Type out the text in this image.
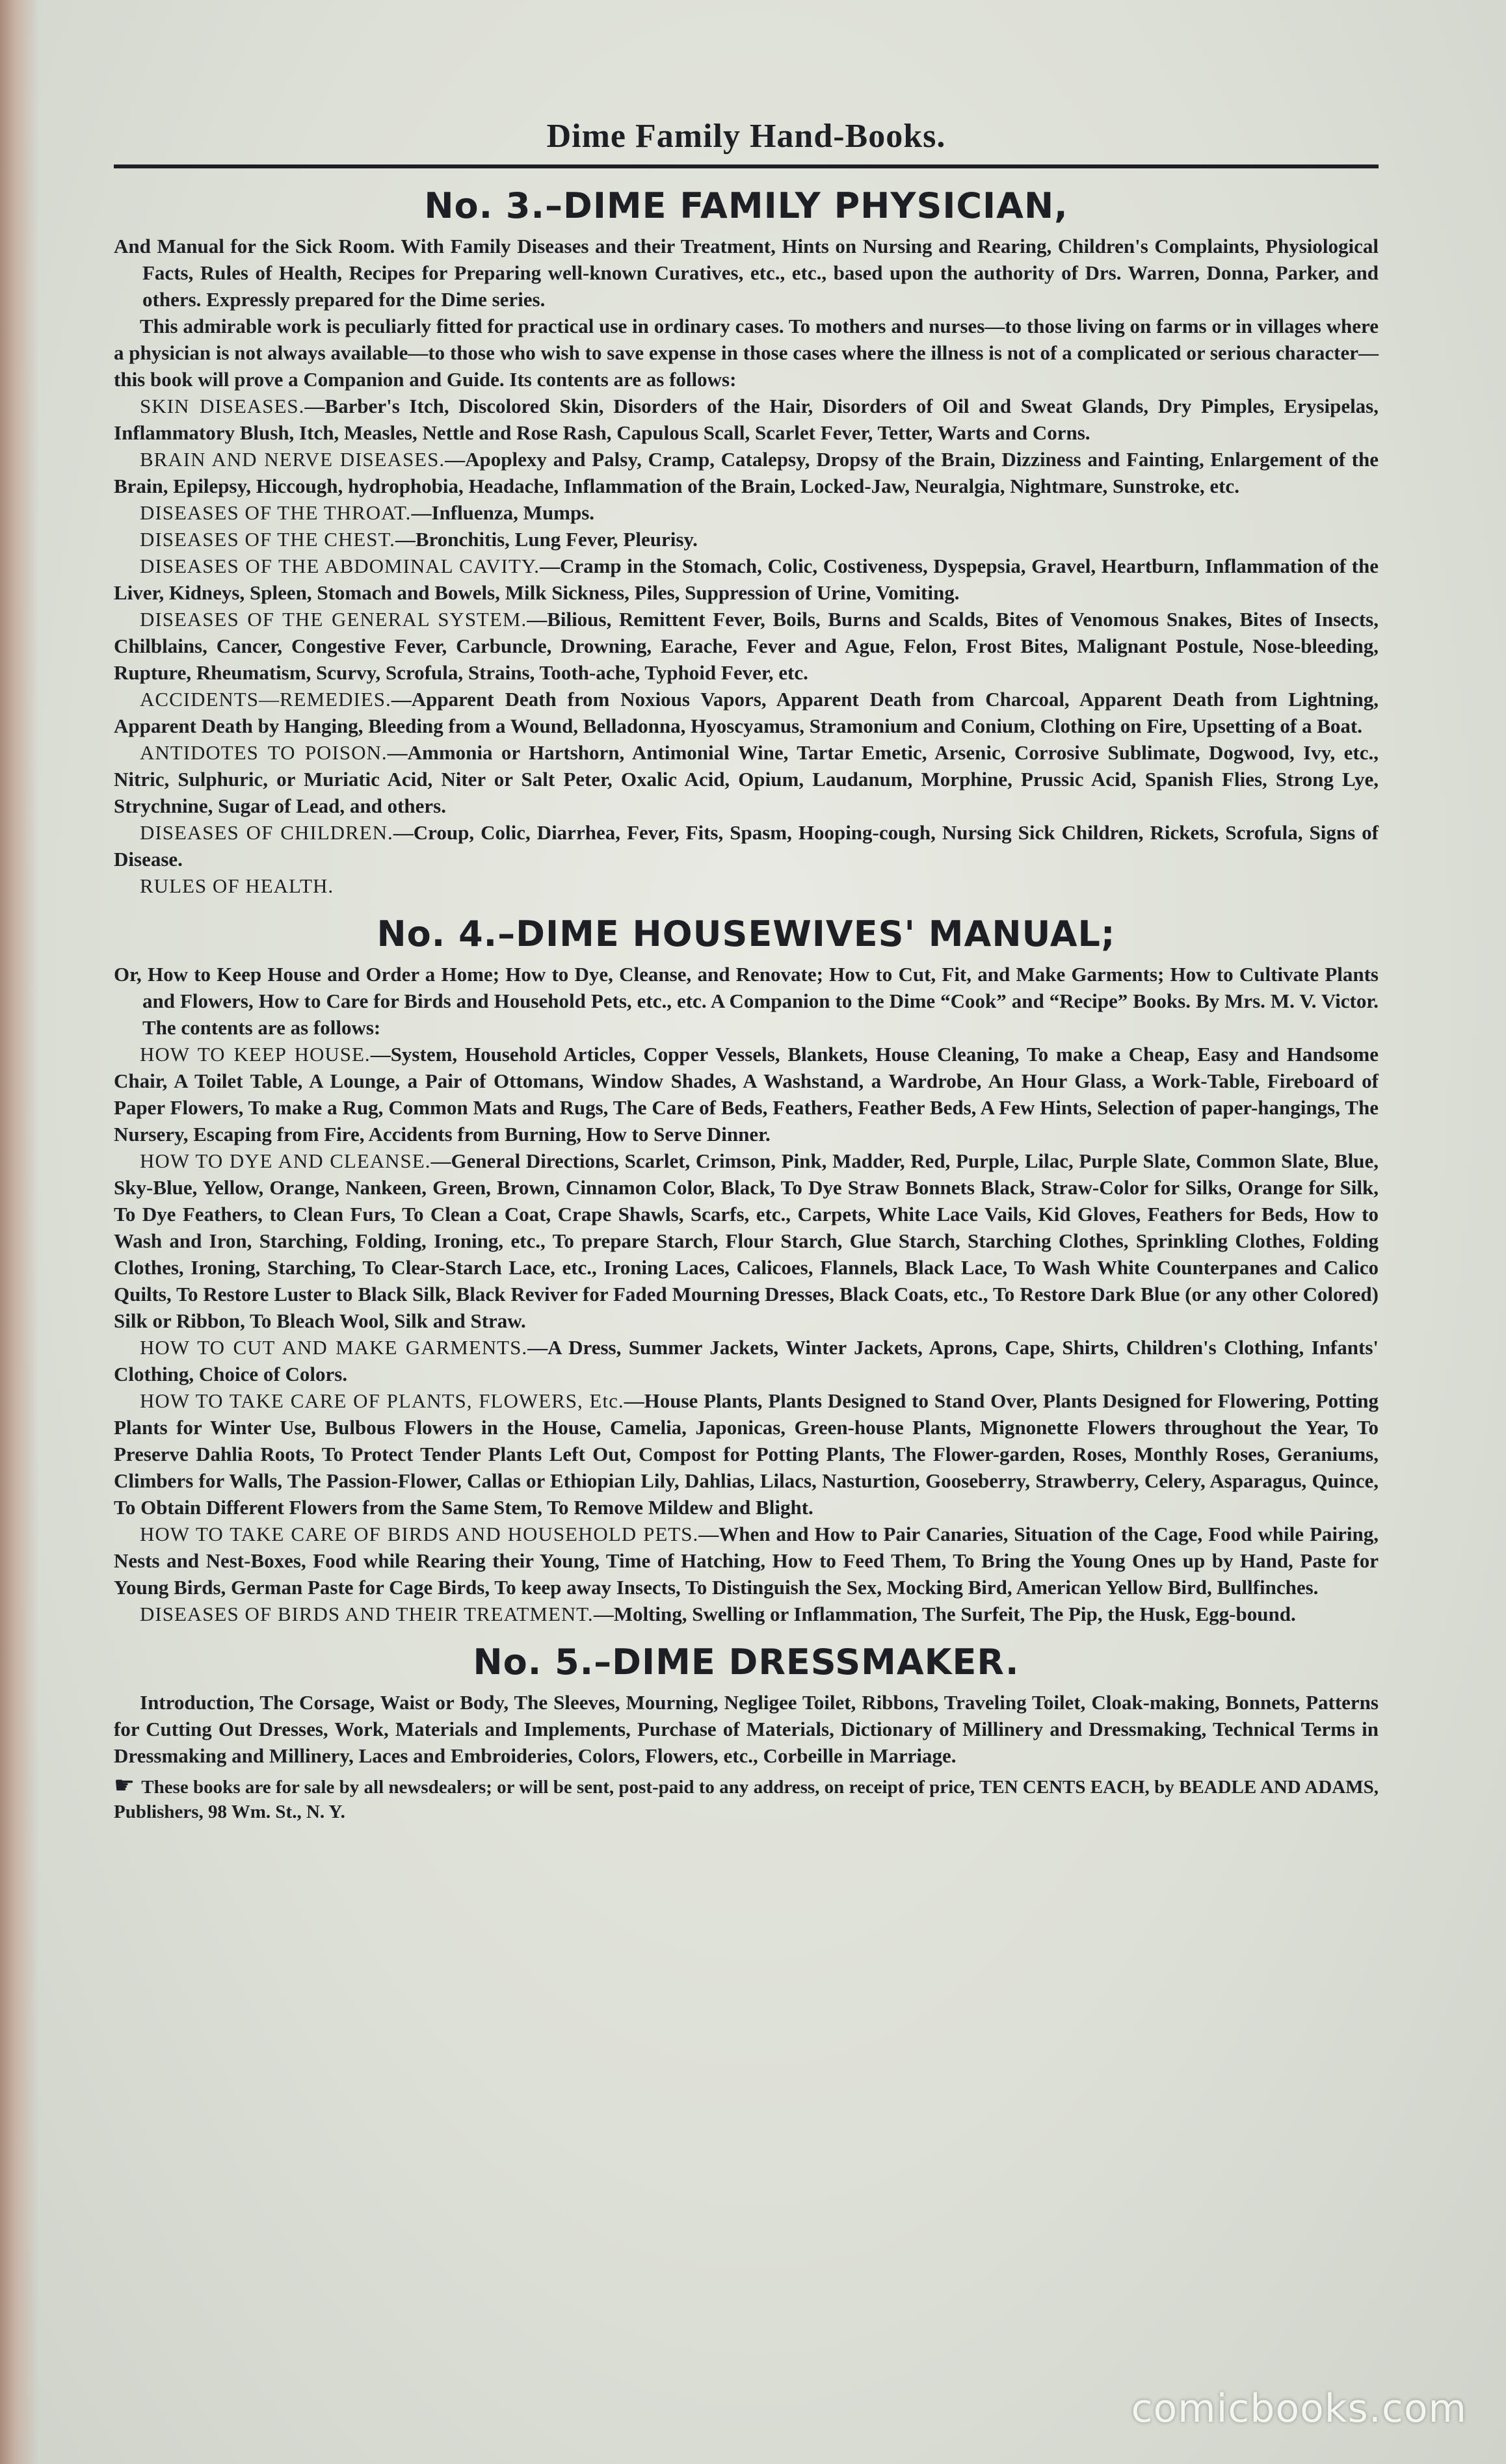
Dime Family Hand-Books.
No. 3.–DIME FAMILY PHYSICIAN,

And Manual for the Sick Room. With Family Diseases and their Treatment, Hints on Nursing and Rearing, Children's Complaints, Physiological Facts, Rules of Health, Recipes for Preparing well-known Curatives, etc., etc., based upon the authority of Drs. Warren, Donna, Parker, and others. Expressly prepared for the Dime series.

This admirable work is peculiarly fitted for practical use in ordinary cases. To mothers and nurses—to those living on farms or in villages where a physician is not always available—to those who wish to save expense in those cases where the illness is not of a complicated or serious character—this book will prove a Companion and Guide. Its contents are as follows:

SKIN DISEASES.—Barber's Itch, Discolored Skin, Disorders of the Hair, Disorders of Oil and Sweat Glands, Dry Pimples, Erysipelas, Inflammatory Blush, Itch, Measles, Nettle and Rose Rash, Capulous Scall, Scarlet Fever, Tetter, Warts and Corns.

BRAIN AND NERVE DISEASES.—Apoplexy and Palsy, Cramp, Catalepsy, Dropsy of the Brain, Dizziness and Fainting, Enlargement of the Brain, Epilepsy, Hiccough, hydrophobia, Headache, Inflammation of the Brain, Locked-Jaw, Neuralgia, Nightmare, Sunstroke, etc.

DISEASES OF THE THROAT.—Influenza, Mumps.

DISEASES OF THE CHEST.—Bronchitis, Lung Fever, Pleurisy.

DISEASES OF THE ABDOMINAL CAVITY.—Cramp in the Stomach, Colic, Costiveness, Dyspepsia, Gravel, Heartburn, Inflammation of the Liver, Kidneys, Spleen, Stomach and Bowels, Milk Sickness, Piles, Suppression of Urine, Vomiting.

DISEASES OF THE GENERAL SYSTEM.—Bilious, Remittent Fever, Boils, Burns and Scalds, Bites of Venomous Snakes, Bites of Insects, Chilblains, Cancer, Congestive Fever, Carbuncle, Drowning, Earache, Fever and Ague, Felon, Frost Bites, Malignant Postule, Nose-bleeding, Rupture, Rheumatism, Scurvy, Scrofula, Strains, Tooth-ache, Typhoid Fever, etc.

ACCIDENTS—REMEDIES.—Apparent Death from Noxious Vapors, Apparent Death from Charcoal, Apparent Death from Lightning, Apparent Death by Hanging, Bleeding from a Wound, Belladonna, Hyoscyamus, Stramonium and Conium, Clothing on Fire, Upsetting of a Boat.

ANTIDOTES TO POISON.—Ammonia or Hartshorn, Antimonial Wine, Tartar Emetic, Arsenic, Corrosive Sublimate, Dogwood, Ivy, etc., Nitric, Sulphuric, or Muriatic Acid, Niter or Salt Peter, Oxalic Acid, Opium, Laudanum, Morphine, Prussic Acid, Spanish Flies, Strong Lye, Strychnine, Sugar of Lead, and others.

DISEASES OF CHILDREN.—Croup, Colic, Diarrhea, Fever, Fits, Spasm, Hooping-cough, Nursing Sick Children, Rickets, Scrofula, Signs of Disease.

RULES OF HEALTH.

No. 4.–DIME HOUSEWIVES' MANUAL;

Or, How to Keep House and Order a Home; How to Dye, Cleanse, and Renovate; How to Cut, Fit, and Make Garments; How to Cultivate Plants and Flowers, How to Care for Birds and Household Pets, etc., etc. A Companion to the Dime “Cook” and “Recipe” Books. By Mrs. M. V. Victor. The contents are as follows:

HOW TO KEEP HOUSE.—System, Household Articles, Copper Vessels, Blankets, House Cleaning, To make a Cheap, Easy and Handsome Chair, A Toilet Table, A Lounge, a Pair of Ottomans, Window Shades, A Washstand, a Wardrobe, An Hour Glass, a Work-Table, Fireboard of Paper Flowers, To make a Rug, Common Mats and Rugs, The Care of Beds, Feathers, Feather Beds, A Few Hints, Selection of paper-hangings, The Nursery, Escaping from Fire, Accidents from Burning, How to Serve Dinner.

HOW TO DYE AND CLEANSE.—General Directions, Scarlet, Crimson, Pink, Madder, Red, Purple, Lilac, Purple Slate, Common Slate, Blue, Sky-Blue, Yellow, Orange, Nankeen, Green, Brown, Cinnamon Color, Black, To Dye Straw Bonnets Black, Straw-Color for Silks, Orange for Silk, To Dye Feathers, to Clean Furs, To Clean a Coat, Crape Shawls, Scarfs, etc., Carpets, White Lace Vails, Kid Gloves, Feathers for Beds, How to Wash and Iron, Starching, Folding, Ironing, etc., To prepare Starch, Flour Starch, Glue Starch, Starching Clothes, Sprinkling Clothes, Folding Clothes, Ironing, Starching, To Clear-Starch Lace, etc., Ironing Laces, Calicoes, Flannels, Black Lace, To Wash White Counterpanes and Calico Quilts, To Restore Luster to Black Silk, Black Reviver for Faded Mourning Dresses, Black Coats, etc., To Restore Dark Blue (or any other Colored) Silk or Ribbon, To Bleach Wool, Silk and Straw.

HOW TO CUT AND MAKE GARMENTS.—A Dress, Summer Jackets, Winter Jackets, Aprons, Cape, Shirts, Children's Clothing, Infants' Clothing, Choice of Colors.

HOW TO TAKE CARE OF PLANTS, FLOWERS, Etc.—House Plants, Plants Designed to Stand Over, Plants Designed for Flowering, Potting Plants for Winter Use, Bulbous Flowers in the House, Camelia, Japonicas, Green-house Plants, Mignonette Flowers throughout the Year, To Preserve Dahlia Roots, To Protect Tender Plants Left Out, Compost for Potting Plants, The Flower-garden, Roses, Monthly Roses, Geraniums, Climbers for Walls, The Passion-Flower, Callas or Ethiopian Lily, Dahlias, Lilacs, Nasturtion, Gooseberry, Strawberry, Celery, Asparagus, Quince, To Obtain Different Flowers from the Same Stem, To Remove Mildew and Blight.

HOW TO TAKE CARE OF BIRDS AND HOUSEHOLD PETS.—When and How to Pair Canaries, Situation of the Cage, Food while Pairing, Nests and Nest-Boxes, Food while Rearing their Young, Time of Hatching, How to Feed Them, To Bring the Young Ones up by Hand, Paste for Young Birds, German Paste for Cage Birds, To keep away Insects, To Distinguish the Sex, Mocking Bird, American Yellow Bird, Bullfinches.

DISEASES OF BIRDS AND THEIR TREATMENT.—Molting, Swelling or Inflammation, The Surfeit, The Pip, the Husk, Egg-bound.

No. 5.–DIME DRESSMAKER.

Introduction, The Corsage, Waist or Body, The Sleeves, Mourning, Negligee Toilet, Ribbons, Traveling Toilet, Cloak-making, Bonnets, Patterns for Cutting Out Dresses, Work, Materials and Implements, Purchase of Materials, Dictionary of Millinery and Dressmaking, Technical Terms in Dressmaking and Millinery, Laces and Embroideries, Colors, Flowers, etc., Corbeille in Marriage.

☛ These books are for sale by all newsdealers; or will be sent, post-paid to any address, on receipt of price, TEN CENTS EACH, by BEADLE AND ADAMS, Publishers, 98 Wm. St., N. Y.

comicbooks.com
